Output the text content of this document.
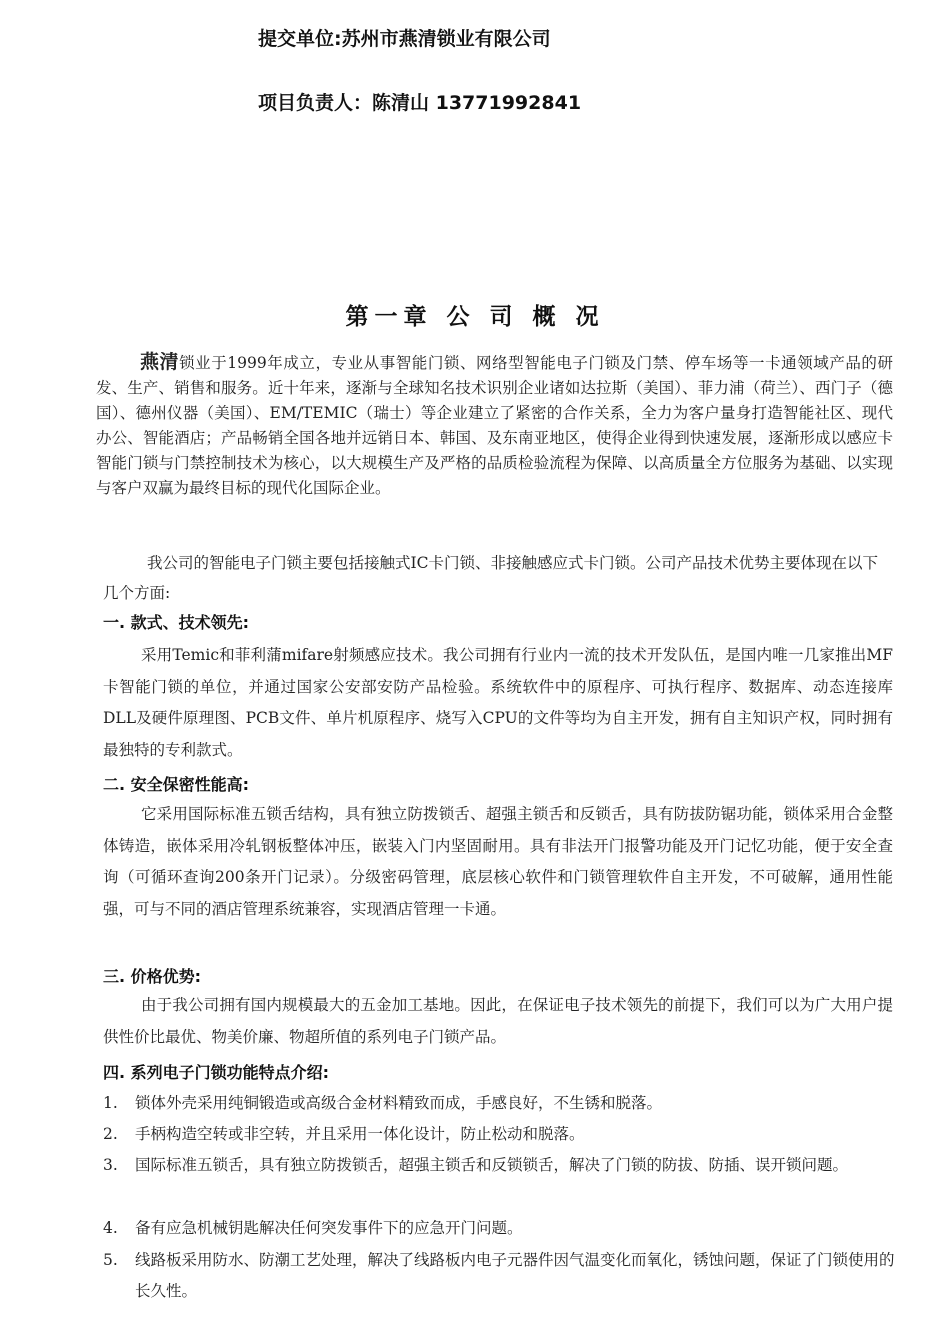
提交单位:苏州市燕清锁业有限公司
项目负责人：陈清山 13771992841
第一章 公 司 概 况
燕清锁业于1999年成立，专业从事智能门锁、网络型智能电子门锁及门禁、停车场等一卡通领域产品的研发、生产、销售和服务。近十年来，逐渐与全球知名技术识别企业诸如达拉斯（美国）、菲力浦（荷兰）、西门子（德国）、德州仪器（美国）、EM/TEMIC（瑞士）等企业建立了紧密的合作关系，全力为客户量身打造智能社区、现代办公、智能酒店；产品畅销全国各地并远销日本、韩国、及东南亚地区，使得企业得到快速发展，逐渐形成以感应卡智能门锁与门禁控制技术为核心，以大规模生产及严格的品质检验流程为保障、以高质量全方位服务为基础、以实现与客户双赢为最终目标的现代化国际企业。
我公司的智能电子门锁主要包括接触式IC卡门锁、非接触感应式卡门锁。公司产品技术优势主要体现在以下几个方面:
一. 款式、技术领先:
采用Temic和菲利蒲mifare射频感应技术。我公司拥有行业内一流的技术开发队伍，是国内唯一几家推出MF卡智能门锁的单位，并通过国家公安部安防产品检验。系统软件中的原程序、可执行程序、数据库、动态连接库DLL及硬件原理图、PCB文件、单片机原程序、烧写入CPU的文件等均为自主开发，拥有自主知识产权，同时拥有最独特的专利款式。
二. 安全保密性能高:
它采用国际标准五锁舌结构，具有独立防拨锁舌、超强主锁舌和反锁舌，具有防拔防锯功能，锁体采用合金整体铸造，嵌体采用冷轧钢板整体冲压，嵌装入门内坚固耐用。具有非法开门报警功能及开门记忆功能，便于安全查询（可循环查询200条开门记录）。分级密码管理，底层核心软件和门锁管理软件自主开发，不可破解，通用性能强，可与不同的酒店管理系统兼容，实现酒店管理一卡通。
三. 价格优势:
由于我公司拥有国内规模最大的五金加工基地。因此，在保证电子技术领先的前提下，我们可以为广大用户提供性价比最优、物美价廉、物超所值的系列电子门锁产品。
四. 系列电子门锁功能特点介绍:
1. 锁体外壳采用纯铜锻造或高级合金材料精致而成，手感良好，不生锈和脱落。
2. 手柄构造空转或非空转，并且采用一体化设计，防止松动和脱落。
3. 国际标准五锁舌，具有独立防拨锁舌，超强主锁舌和反锁锁舌，解决了门锁的防拔、防插、误开锁问题。
4. 备有应急机械钥匙解决任何突发事件下的应急开门问题。
5. 线路板采用防水、防潮工艺处理，解决了线路板内电子元器件因气温变化而氧化，锈蚀问题，保证了门锁使用的长久性。
